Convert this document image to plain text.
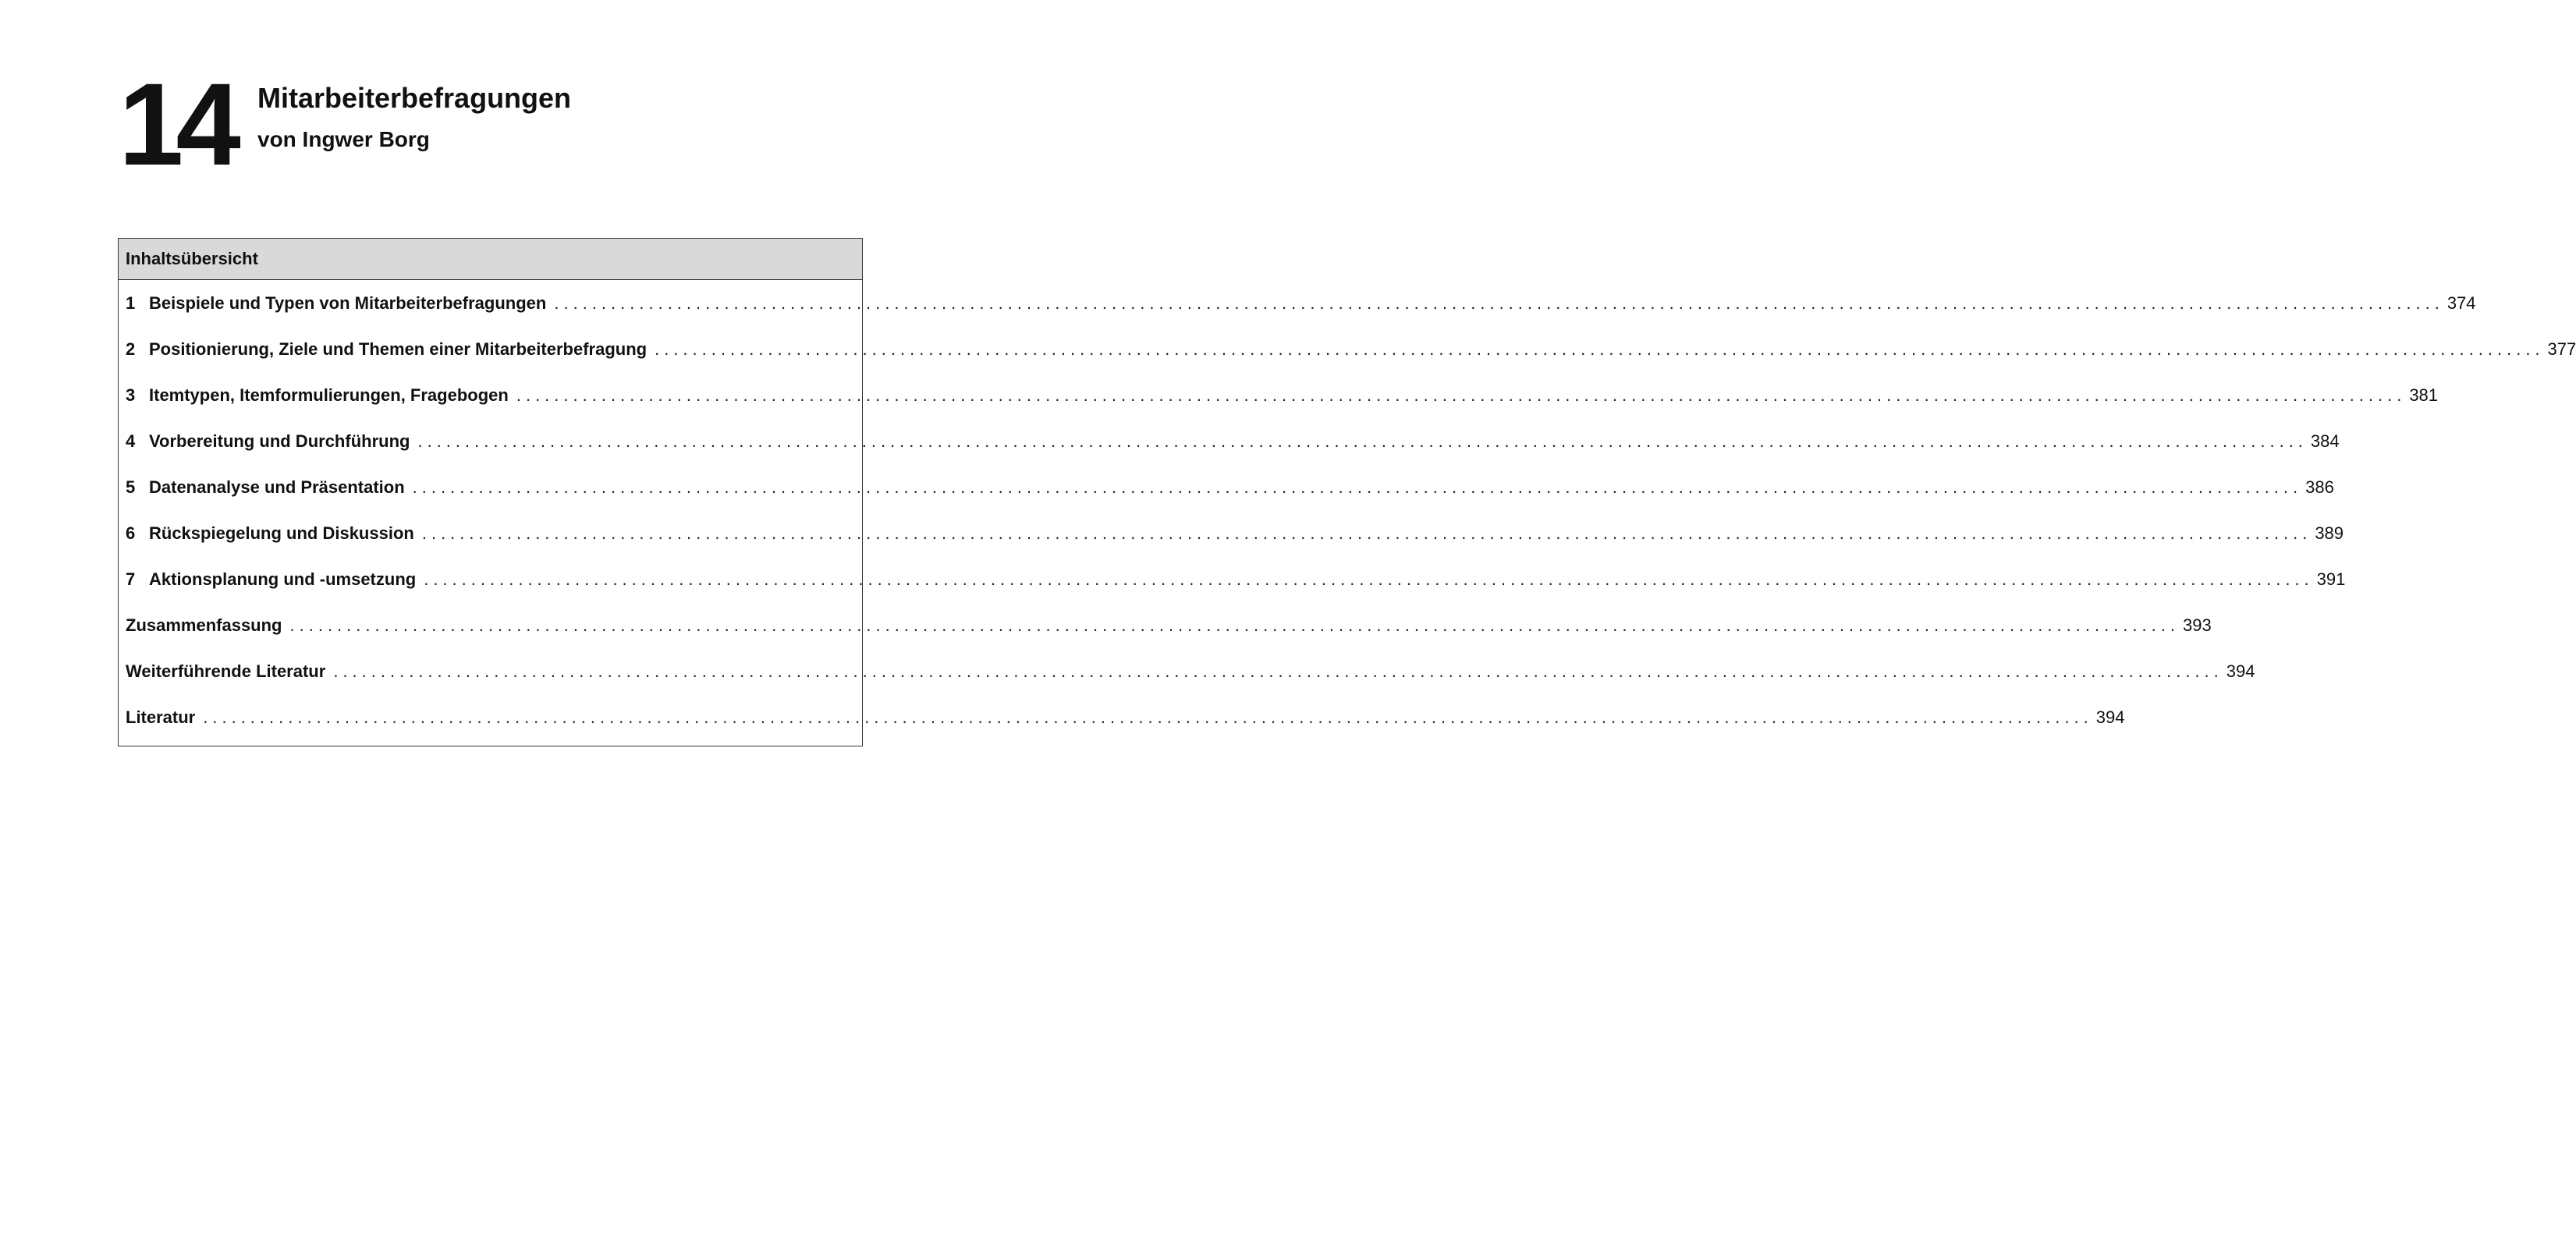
14 Mitarbeiterbefragungen
von Ingwer Borg
Inhaltsübersicht
1 Beispiele und Typen von Mitarbeiterbefragungen ........................................................................................................................................................................................................ 374
2 Positionierung, Ziele und Themen einer Mitarbeiterbefragung ........................................................................................................................................................................................................ 377
3 Itemtypen, Itemformulierungen, Fragebogen ........................................................................................................................................................................................................ 381
4 Vorbereitung und Durchführung ........................................................................................................................................................................................................ 384
5 Datenanalyse und Präsentation ........................................................................................................................................................................................................ 386
6 Rückspiegelung und Diskussion ........................................................................................................................................................................................................ 389
7 Aktionsplanung und -umsetzung ........................................................................................................................................................................................................ 391
Zusammenfassung ........................................................................................................................................................................................................ 393
Weiterführende Literatur ........................................................................................................................................................................................................ 394
Literatur ........................................................................................................................................................................................................ 394
